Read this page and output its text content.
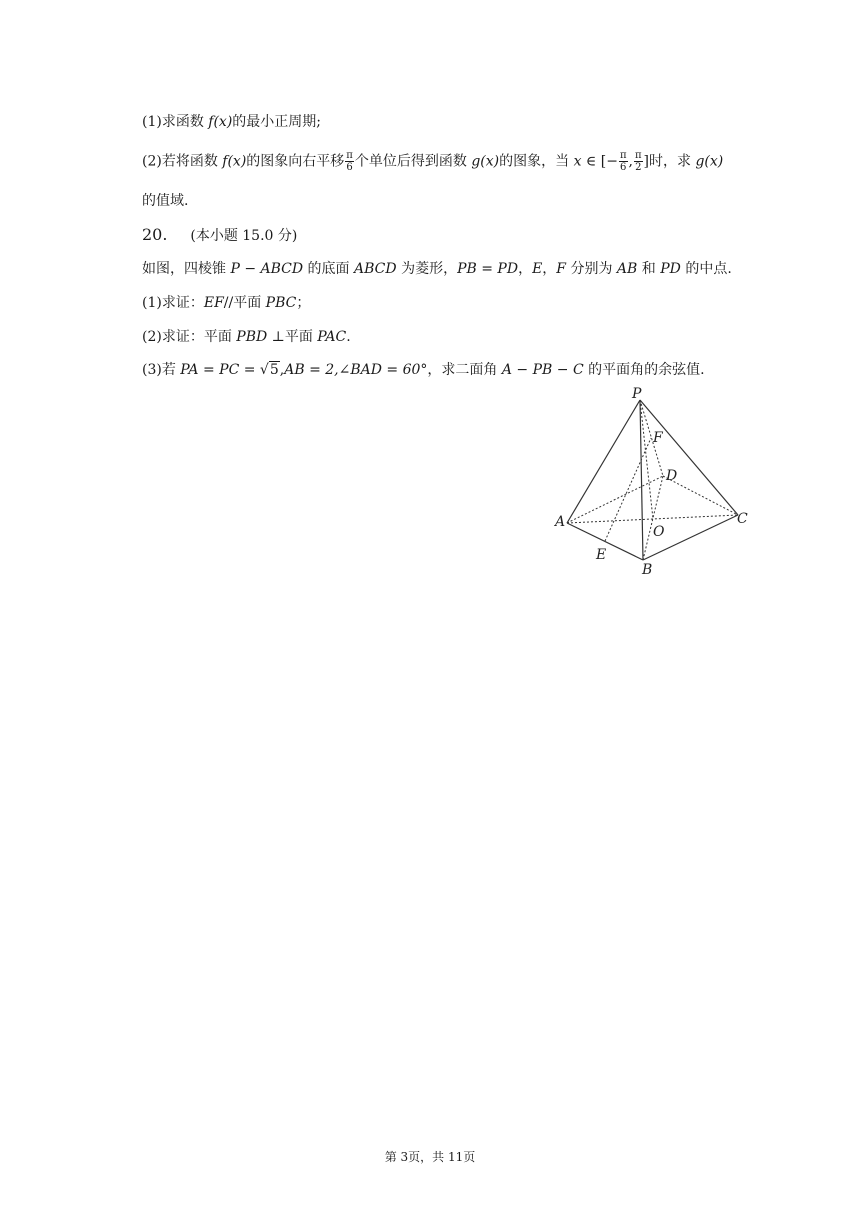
(1)求函数 f(x)的最小正周期;
(2)若将函数 f(x)的图象向右平移 $\frac{\pi}{6}$ 个单位后得到函数 g(x)的图象，当 x ∈ [− $\frac{\pi}{6}$ , $\frac{\pi}{2}$ ]时，求 g(x)
的值域.
20. (本小题 15.0 分)
如图，四棱锥 P − ABCD 的底面 ABCD 为菱形，PB = PD，E，F 分别为 AB 和 PD 的中点.
(1)求证：EF//平面 PBC；
(2)求证：平面 PBD ⊥平面 PAC.
(3)若 PA = PC = √5,AB = 2,∠BAD = 60°，求二面角 A − PB − C 的平面角的余弦值.
P
F
D
A
O
C
E
B
第 3页，共 11页
